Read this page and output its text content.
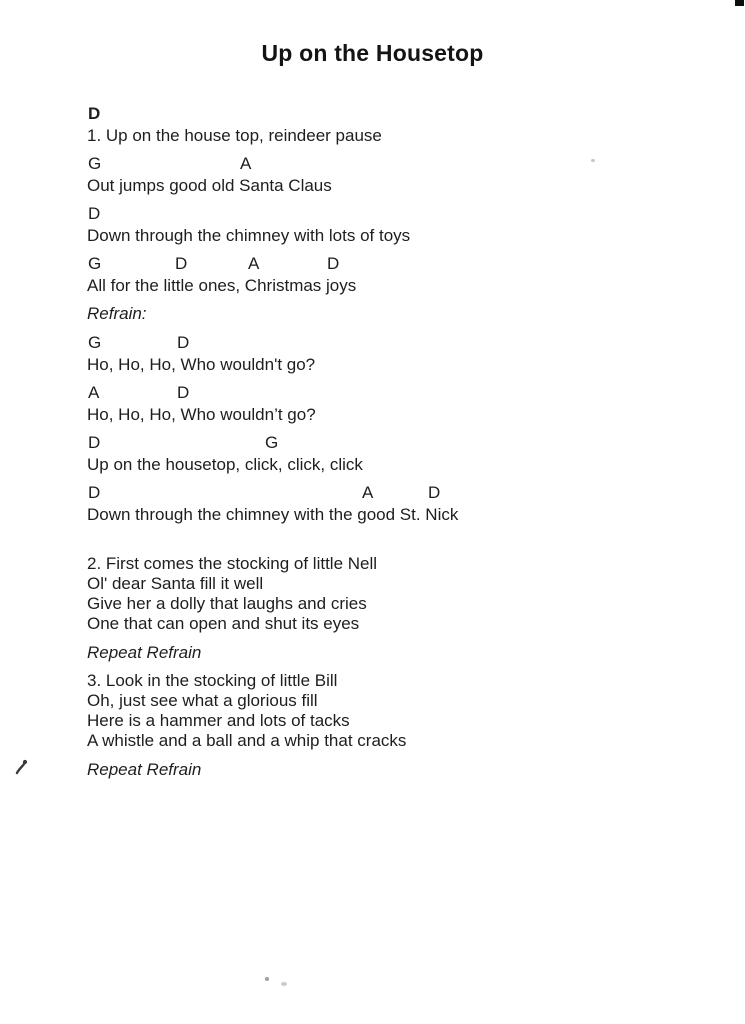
Up on the Housetop
D
1. Up on the house top, reindeer pause
G	A
Out jumps good old Santa Claus
D
Down through the chimney with lots of toys
G	D	A	D
All for the little ones, Christmas joys
Refrain:
G	D
Ho, Ho, Ho, Who wouldn't go?
A	D
Ho, Ho, Ho, Who wouldn’t go?
D	G
Up on the housetop, click, click, click
D	A	D
Down through the chimney with the good St. Nick
2. First comes the stocking of little Nell
Ol' dear Santa fill it well
Give her a dolly that laughs and cries
One that can open and shut its eyes
Repeat Refrain
3. Look in the stocking of little Bill
Oh, just see what a glorious fill
Here is a hammer and lots of tacks
A whistle and a ball and a whip that cracks
Repeat Refrain
